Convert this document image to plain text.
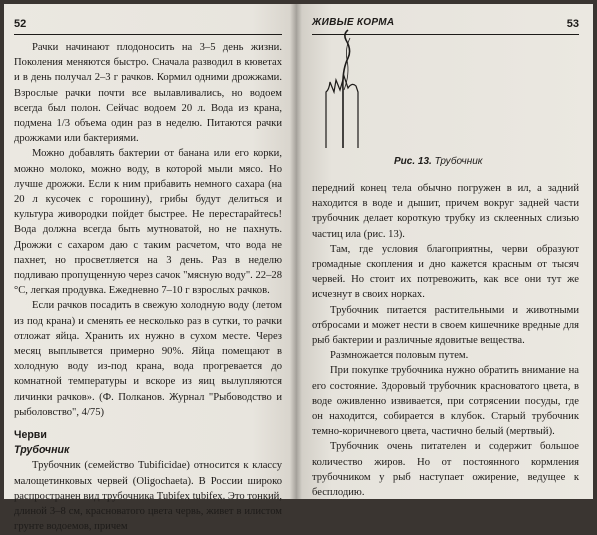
52

Рачки начинают плодоносить на 3–5 день жизни. Поколения меняются быстро. Сначала разводил в кюветах и в день получал 2–3 г рачков. Кормил одними дрожжами. Взрослые рачки почти все вылавливались, но водоем всегда был полон. Сейчас водоем 20 л. Вода из крана, подмена 1/3 объема один раз в неделю. Питаются рачки дрожжами или бактериями.

Можно добавлять бактерии от банана или его корки, можно молоко, можно воду, в которой мыли мясо. Но лучше дрожжи. Если к ним прибавить немного сахара (на 20 л кусочек с горошину), грибы будут делиться и культура живородки пойдет быстрее. Не перестарайтесь! Вода должна всегда быть мутноватой, но не пахнуть. Дрожжи с сахаром даю с таким расчетом, что вода не пахнет, но просветляется на 3 день. Раз в неделю подливаю пропущенную через сачок "мясную воду". 22–28 °С, легкая продувка. Ежедневно 7–10 г взрослых рачков.

Если рачков посадить в свежую холодную воду (летом из под крана) и сменять ее несколько раз в сутки, то рачки отложат яйца. Хранить их нужно в сухом месте. Через месяц выплывется примерно 90%. Яйца помещают в холодную воду из-под крана, вода прогревается до комнатной температуры и вскоре из яиц вылупляются личинки рачков». (Ф. Полканов. Журнал "Рыбоводство и рыболовство", 4/75)

Черви
Трубочник

Трубочник (семейство Tubificidae) относится к классу малощетинковых червей (Oligochaeta). В России широко распространен вид трубочника Tubifex tubifex. Это тонкий, длиной 3–8 см, красноватого цвета червь, живет в илистом грунте водоемов, причем

ЖИВЫЕ КОРМА	53
Рис. 13. Трубочник

передний конец тела обычно погружен в ил, а задний находится в воде и дышит, причем вокруг задней части трубочник делает короткую трубку из склеенных слизью частиц ила (рис. 13).

Там, где условия благоприятны, черви образуют громадные скопления и дно кажется красным от тысяч червей. Но стоит их потревожить, как все они тут же исчезнут в своих норках.

Трубочник питается растительными и животными отбросами и может нести в своем кишечнике вредные для рыб бактерии и различные ядовитые вещества.

Размножается половым путем.

При покупке трубочника нужно обратить внимание на его состояние. Здоровый трубочник красноватого цвета, в воде оживленно извивается, при сотрясении посуды, где он находится, собирается в клубок. Старый трубочник темно-коричневого цвета, частично белый (мертвый).

Трубочник очень питателен и содержит большое количество жиров. Но от постоянного кормления трубочником у рыб наступает ожирение, ведущее к бесплодию.
